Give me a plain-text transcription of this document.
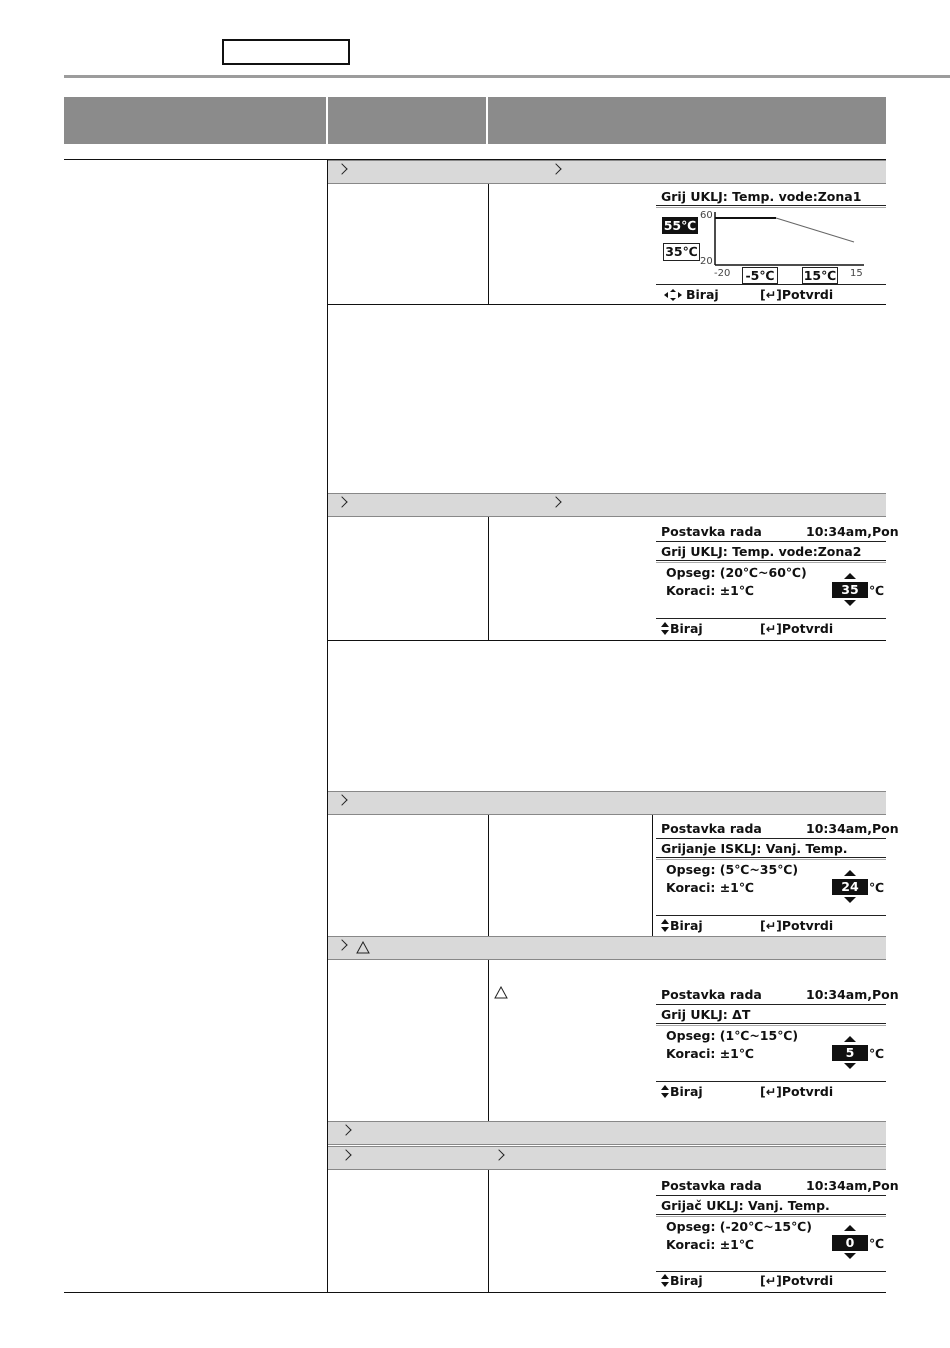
Grij UKLJ: Temp. vode:Zona1
55℃
35℃
60
20
-20 -5℃ 15℃ 15
Biraj	[↵]Potvrdi
Postavka rada	10:34am,Pon
Grij UKLJ: Temp. vode:Zona2
Opseg: (20℃~60℃)
Koraci: ±1℃	35 ℃
Biraj	[↵]Potvrdi
Postavka rada	10:34am,Pon
Grijanje ISKLJ: Vanj. Temp.
Opseg: (5℃~35℃)
Koraci: ±1℃	24 ℃
Biraj	[↵]Potvrdi
Postavka rada	10:34am,Pon
Grij UKLJ: ΔT
Opseg: (1℃~15℃)
Koraci: ±1℃	5	℃
Biraj	[↵]Potvrdi
Postavka rada	10:34am,Pon
Grijač UKLJ: Vanj. Temp.
Opseg: (-20℃~15℃)
Koraci: ±1℃	0	℃
Biraj	[↵]Potvrdi
